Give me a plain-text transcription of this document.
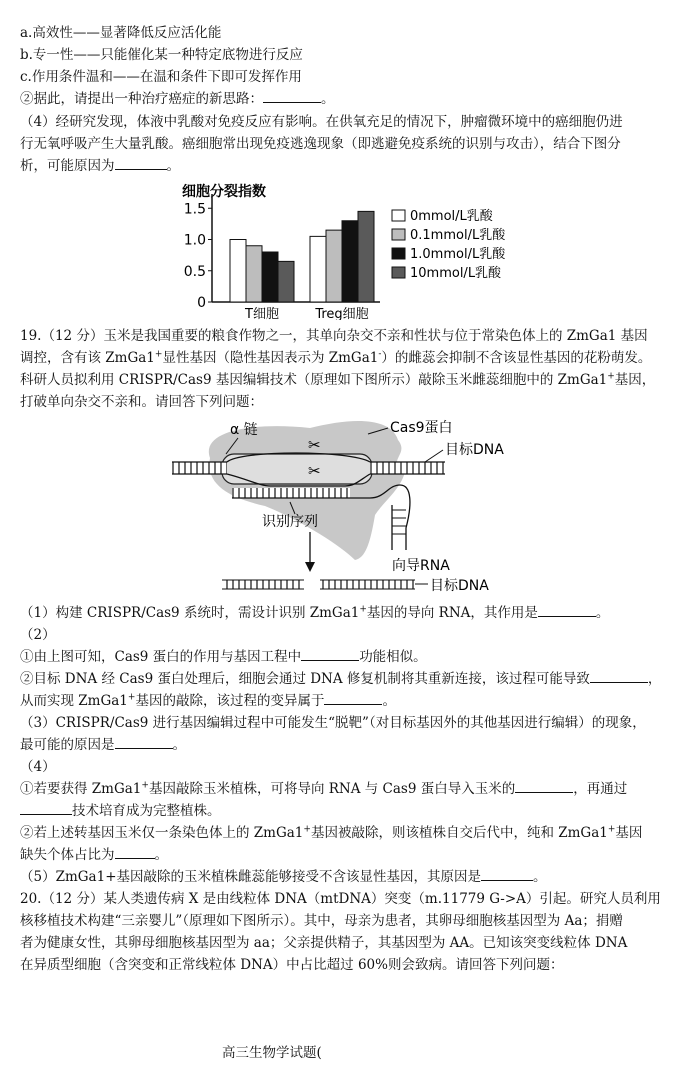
a.高效性——显著降低反应活化能
b.专一性——只能催化某一种特定底物进行反应
c.作用条件温和——在温和条件下即可发挥作用
②据此，请提出一种治疗癌症的新思路：	。
（4）经研究发现，体液中乳酸对免疫反应有影响。在供氧充足的情况下，肿瘤微环境中的癌细胞仍进
行无氧呼吸产生大量乳酸。癌细胞常出现免疫逃逸现象（即逃避免疫系统的识别与攻击），结合下图分
析，可能原因为	。
细胞分裂指数
0
0.5
1.0
1.5
T细胞	Treg细胞
0mmol/L乳酸
0.1mmol/L乳酸
1.0mmol/L乳酸
10mmol/L乳酸
19.（12 分）玉米是我国重要的粮食作物之一，其单向杂交不亲和性状与位于常染色体上的 ZmGa1 基因
调控，含有该 ZmGa1+显性基因（隐性基因表示为 ZmGa1-）的雌蕊会抑制不含该显性基因的花粉萌发。
科研人员拟利用 CRISPR/Cas9 基因编辑技术（原理如下图所示）敲除玉米雌蕊细胞中的 ZmGa1+基因，
打破单向杂交不亲和。请回答下列问题：
✂
✂
α 链	Cas9蛋白
目标DNA
识别序列
向导RNA
目标DNA
（1）构建 CRISPR/Cas9 系统时，需设计识别 ZmGa1+基因的导向 RNA，其作用是	。
（2）
①由上图可知，Cas9 蛋白的作用与基因工程中	功能相似。
②目标 DNA 经 Cas9 蛋白处理后，细胞会通过 DNA 修复机制将其重新连接，该过程可能导致	，
从而实现 ZmGa1+基因的敲除，该过程的变异属于	。
（3）CRISPR/Cas9 进行基因编辑过程中可能发生“脱靶”（对目标基因外的其他基因进行编辑）的现象，
最可能的原因是	。
（4）
①若要获得 ZmGa1+基因敲除玉米植株，可将导向 RNA 与 Cas9 蛋白导入玉米的	，再通过
技术培育成为完整植株。
②若上述转基因玉米仅一条染色体上的 ZmGa1+基因被敲除，则该植株自交后代中，纯和 ZmGa1+基因
缺失个体占比为	。
（5）ZmGa1+基因敲除的玉米植株雌蕊能够接受不含该显性基因，其原因是	。
20.（12 分）某人类遗传病 X 是由线粒体 DNA（mtDNA）突变（m.11779 G->A）引起。研究人员利用
核移植技术构建“三亲婴儿”（原理如下图所示）。其中，母亲为患者，其卵母细胞核基因型为 Aa；捐赠
者为健康女性，其卵母细胞核基因型为 aa；父亲提供精子，其基因型为 AA。已知该突变线粒体 DNA
在异质型细胞（含突变和正常线粒体 DNA）中占比超过 60%则会致病。请回答下列问题：
高三生物学试题(
